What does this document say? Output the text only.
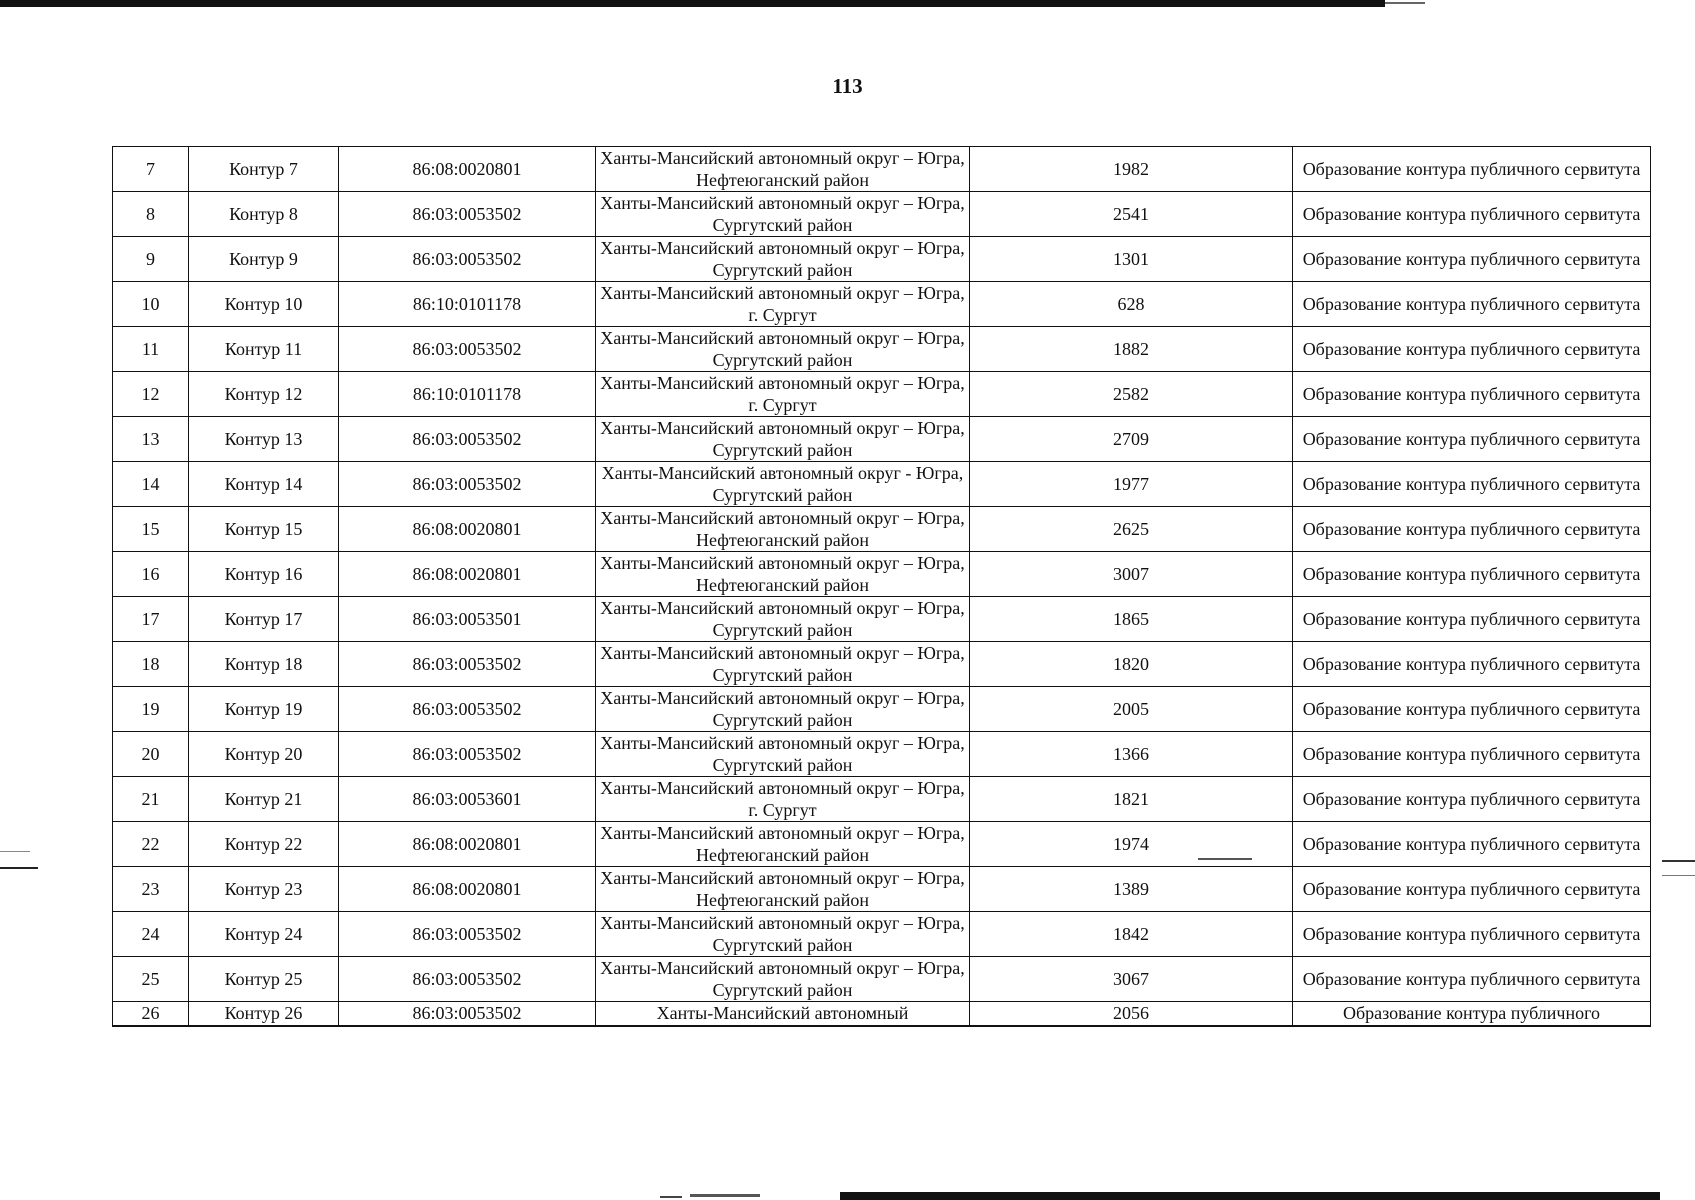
113
7	Контур 7	86:08:0020801	Ханты-Мансийский автономный округ – Югра, Нефтеюганский район	1982	Образование контура публичного сервитута
8	Контур 8	86:03:0053502	Ханты-Мансийский автономный округ – Югра, Сургутский район	2541	Образование контура публичного сервитута
9	Контур 9	86:03:0053502	Ханты-Мансийский автономный округ – Югра, Сургутский район	1301	Образование контура публичного сервитута
10	Контур 10	86:10:0101178	Ханты-Мансийский автономный округ – Югра, г. Сургут	628	Образование контура публичного сервитута
11	Контур 11	86:03:0053502	Ханты-Мансийский автономный округ – Югра, Сургутский район	1882	Образование контура публичного сервитута
12	Контур 12	86:10:0101178	Ханты-Мансийский автономный округ – Югра, г. Сургут	2582	Образование контура публичного сервитута
13	Контур 13	86:03:0053502	Ханты-Мансийский автономный округ – Югра, Сургутский район	2709	Образование контура публичного сервитута
14	Контур 14	86:03:0053502	Ханты-Мансийский автономный округ - Югра, Сургутский район	1977	Образование контура публичного сервитута
15	Контур 15	86:08:0020801	Ханты-Мансийский автономный округ – Югра, Нефтеюганский район	2625	Образование контура публичного сервитута
16	Контур 16	86:08:0020801	Ханты-Мансийский автономный округ – Югра, Нефтеюганский район	3007	Образование контура публичного сервитута
17	Контур 17	86:03:0053501	Ханты-Мансийский автономный округ – Югра, Сургутский район	1865	Образование контура публичного сервитута
18	Контур 18	86:03:0053502	Ханты-Мансийский автономный округ – Югра, Сургутский район	1820	Образование контура публичного сервитута
19	Контур 19	86:03:0053502	Ханты-Мансийский автономный округ – Югра, Сургутский район	2005	Образование контура публичного сервитута
20	Контур 20	86:03:0053502	Ханты-Мансийский автономный округ – Югра, Сургутский район	1366	Образование контура публичного сервитута
21	Контур 21	86:03:0053601	Ханты-Мансийский автономный округ – Югра, г. Сургут	1821	Образование контура публичного сервитута
22	Контур 22	86:08:0020801	Ханты-Мансийский автономный округ – Югра, Нефтеюганский район	1974	Образование контура публичного сервитута
23	Контур 23	86:08:0020801	Ханты-Мансийский автономный округ – Югра, Нефтеюганский район	1389	Образование контура публичного сервитута
24	Контур 24	86:03:0053502	Ханты-Мансийский автономный округ – Югра, Сургутский район	1842	Образование контура публичного сервитута
25	Контур 25	86:03:0053502	Ханты-Мансийский автономный округ – Югра, Сургутский район	3067	Образование контура публичного сервитута
26	Контур 26	86:03:0053502	Ханты-Мансийский автономный	2056	Образование контура публичного
